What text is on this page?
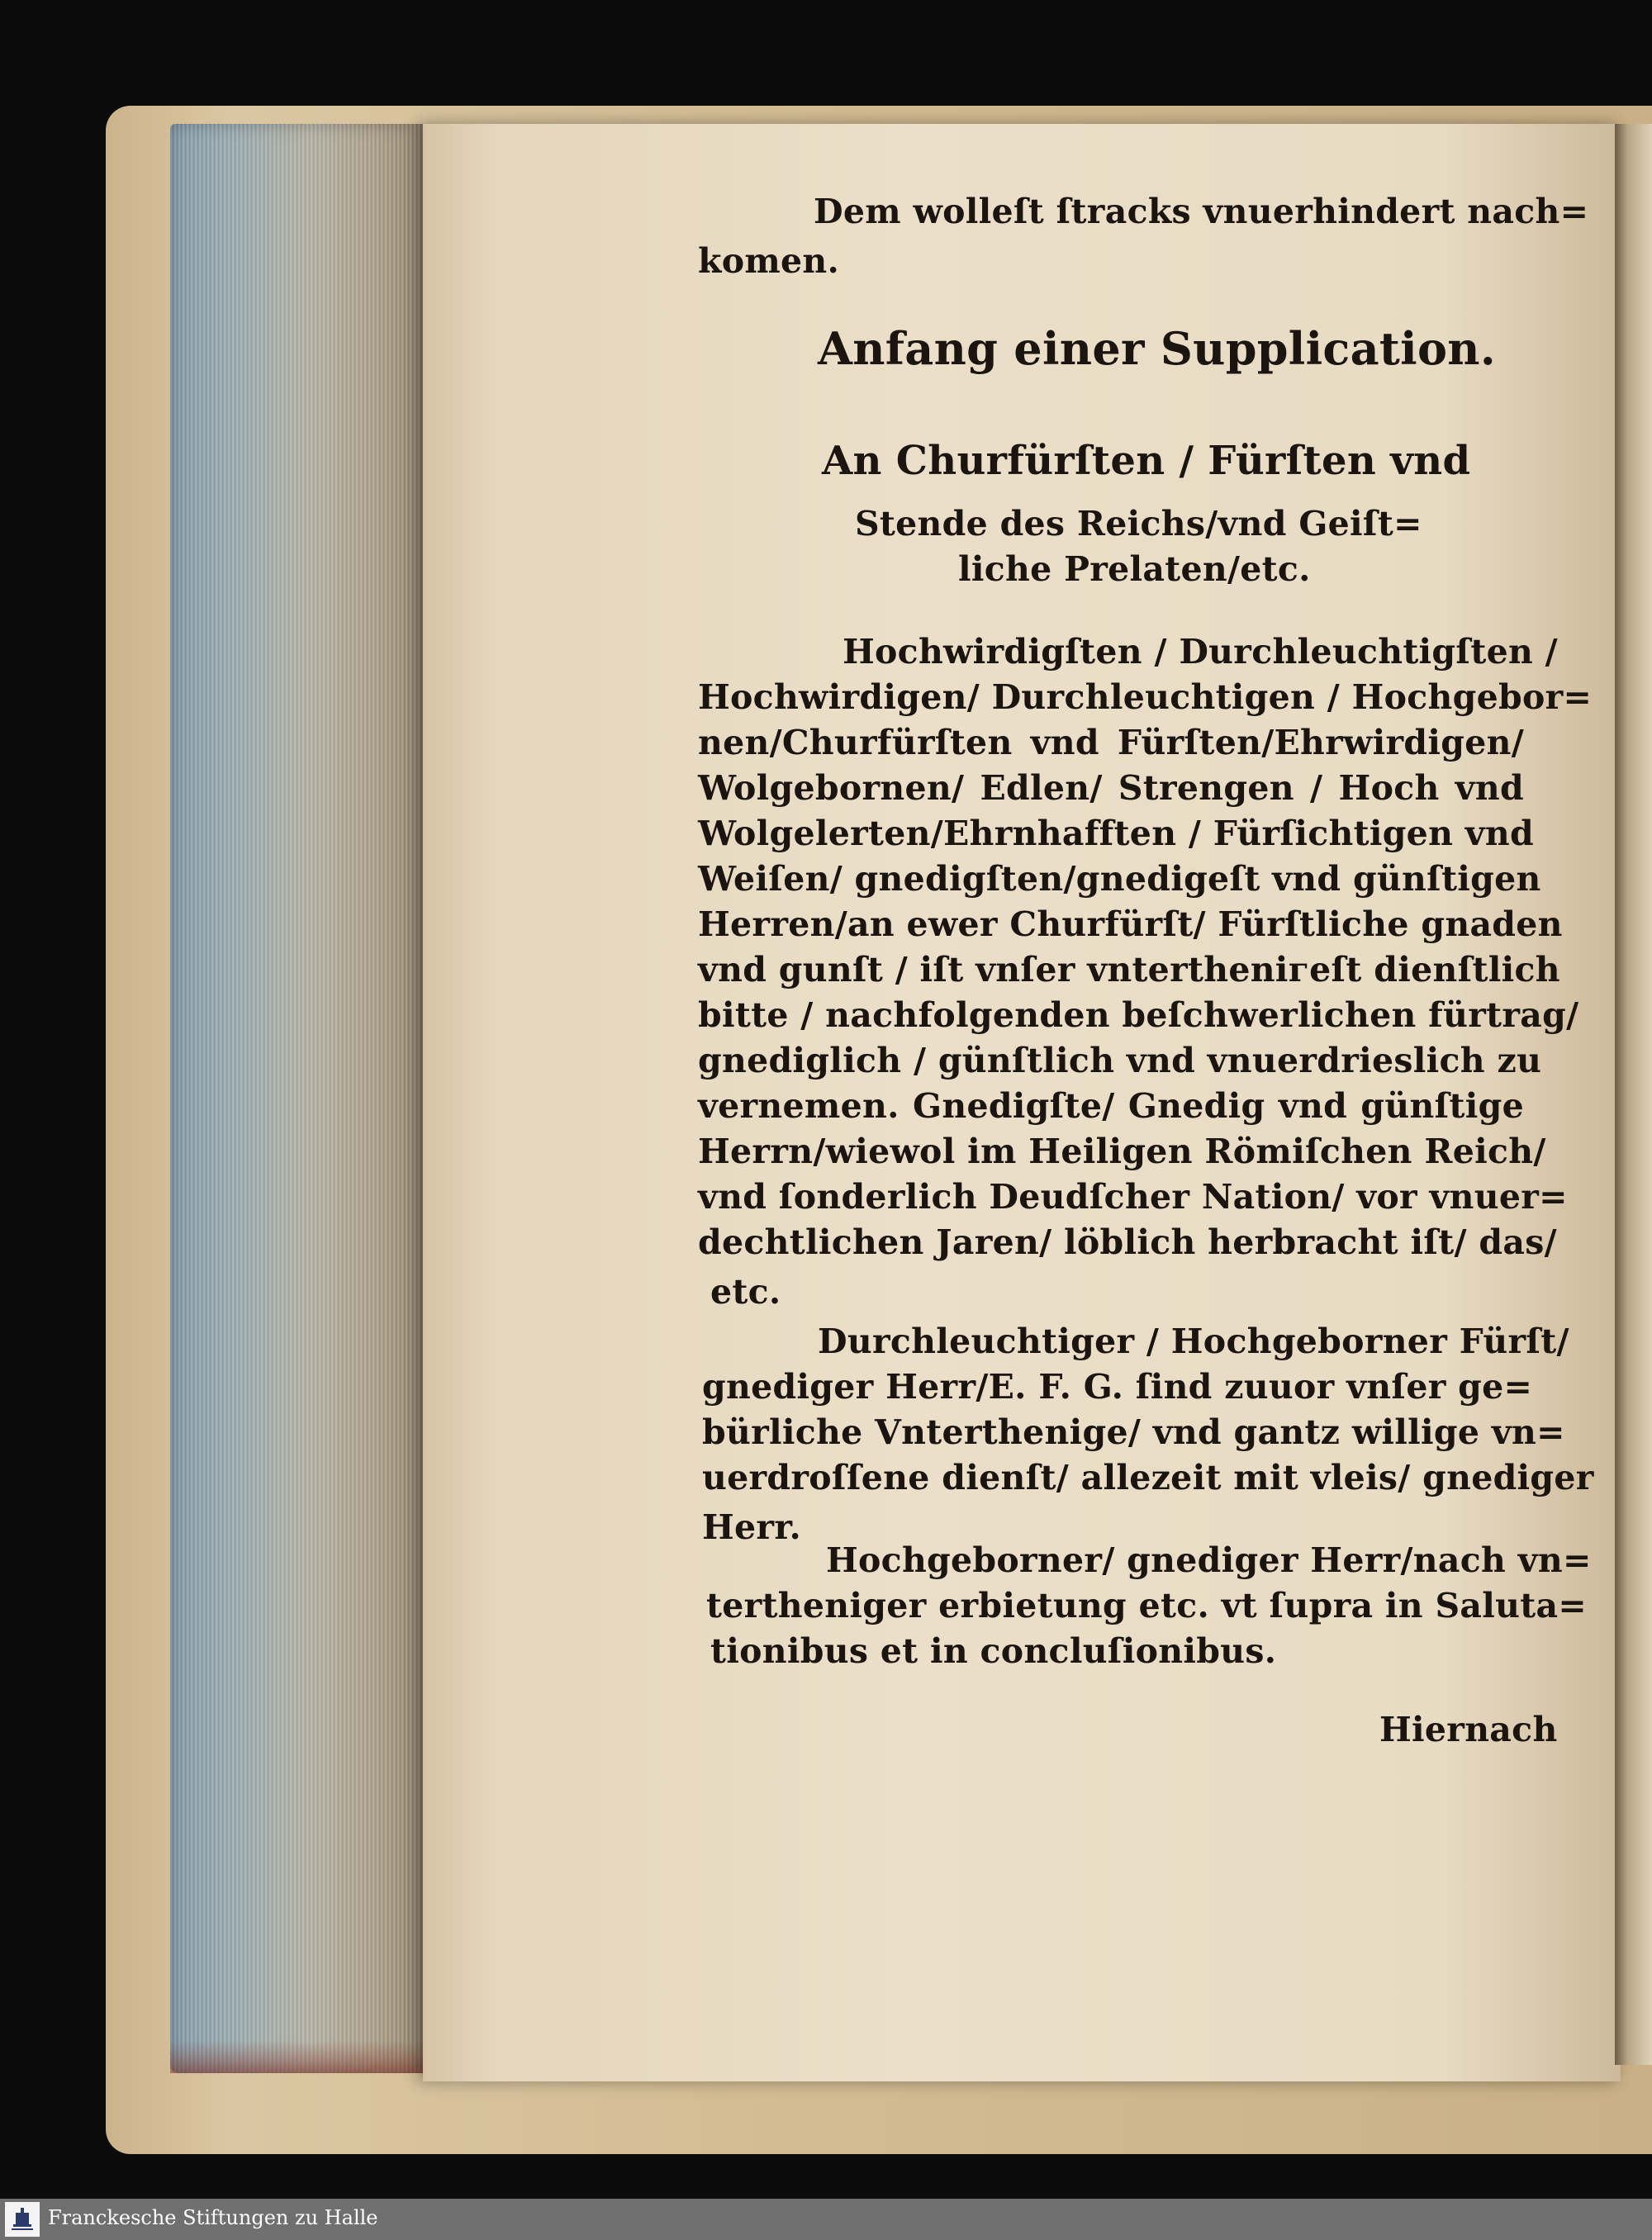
Dem wolleſt ſtracks vnuerhindert nach=

komen.

Anfang einer Supplication.

An Churfürſten / Fürſten vnd

Stende des Reichs/vnd Geiſt=

liche Prelaten/etc.

Hochwirdigſten / Durchleuchtigſten /

Hochwirdigen/ Durchleuchtigen / Hochgebor=

nen/Churfürſten vnd Fürſten/Ehrwirdigen/

Wolgebornen/ Edlen/ Strengen / Hoch vnd

Wolgelerten/Ehrnhafften / Fürſichtigen vnd

Weiſen/ gnedigſten/gnedigeſt vnd günſtigen

Herren/an ewer Churfürſt/ Fürſtliche gnaden

vnd gunſt / iſt vnſer vntertheniгeſt dienſtlich

bitte / nachfolgenden beſchwerlichen fürtrag/

gnediglich / günſtlich vnd vnuerdrieslich zu

vernemen. Gnedigſte/ Gnedig vnd günſtige

Herrn/wiewol im Heiligen Römiſchen Reich/

vnd ſonderlich Deudſcher Nation/ vor vnuer=

dechtlichen Jaren/ löblich herbracht iſt/ das/

etc.

Durchleuchtiger / Hochgeborner Fürſt/

gnediger Herr/E. F. G. ſind zuuor vnſer ge=

bürliche Vnterthenige/ vnd gantz willige vn=

uerdroſſene dienſt/ allezeit mit vleis/ gnediger

Herr.

Hochgeborner/ gnediger Herr/nach vn=

tertheniger erbietung etc. vt ſupra in Saluta=

tionibus et in concluſionibus.

Hiernach

Franckesche Stiftungen zu Halle
